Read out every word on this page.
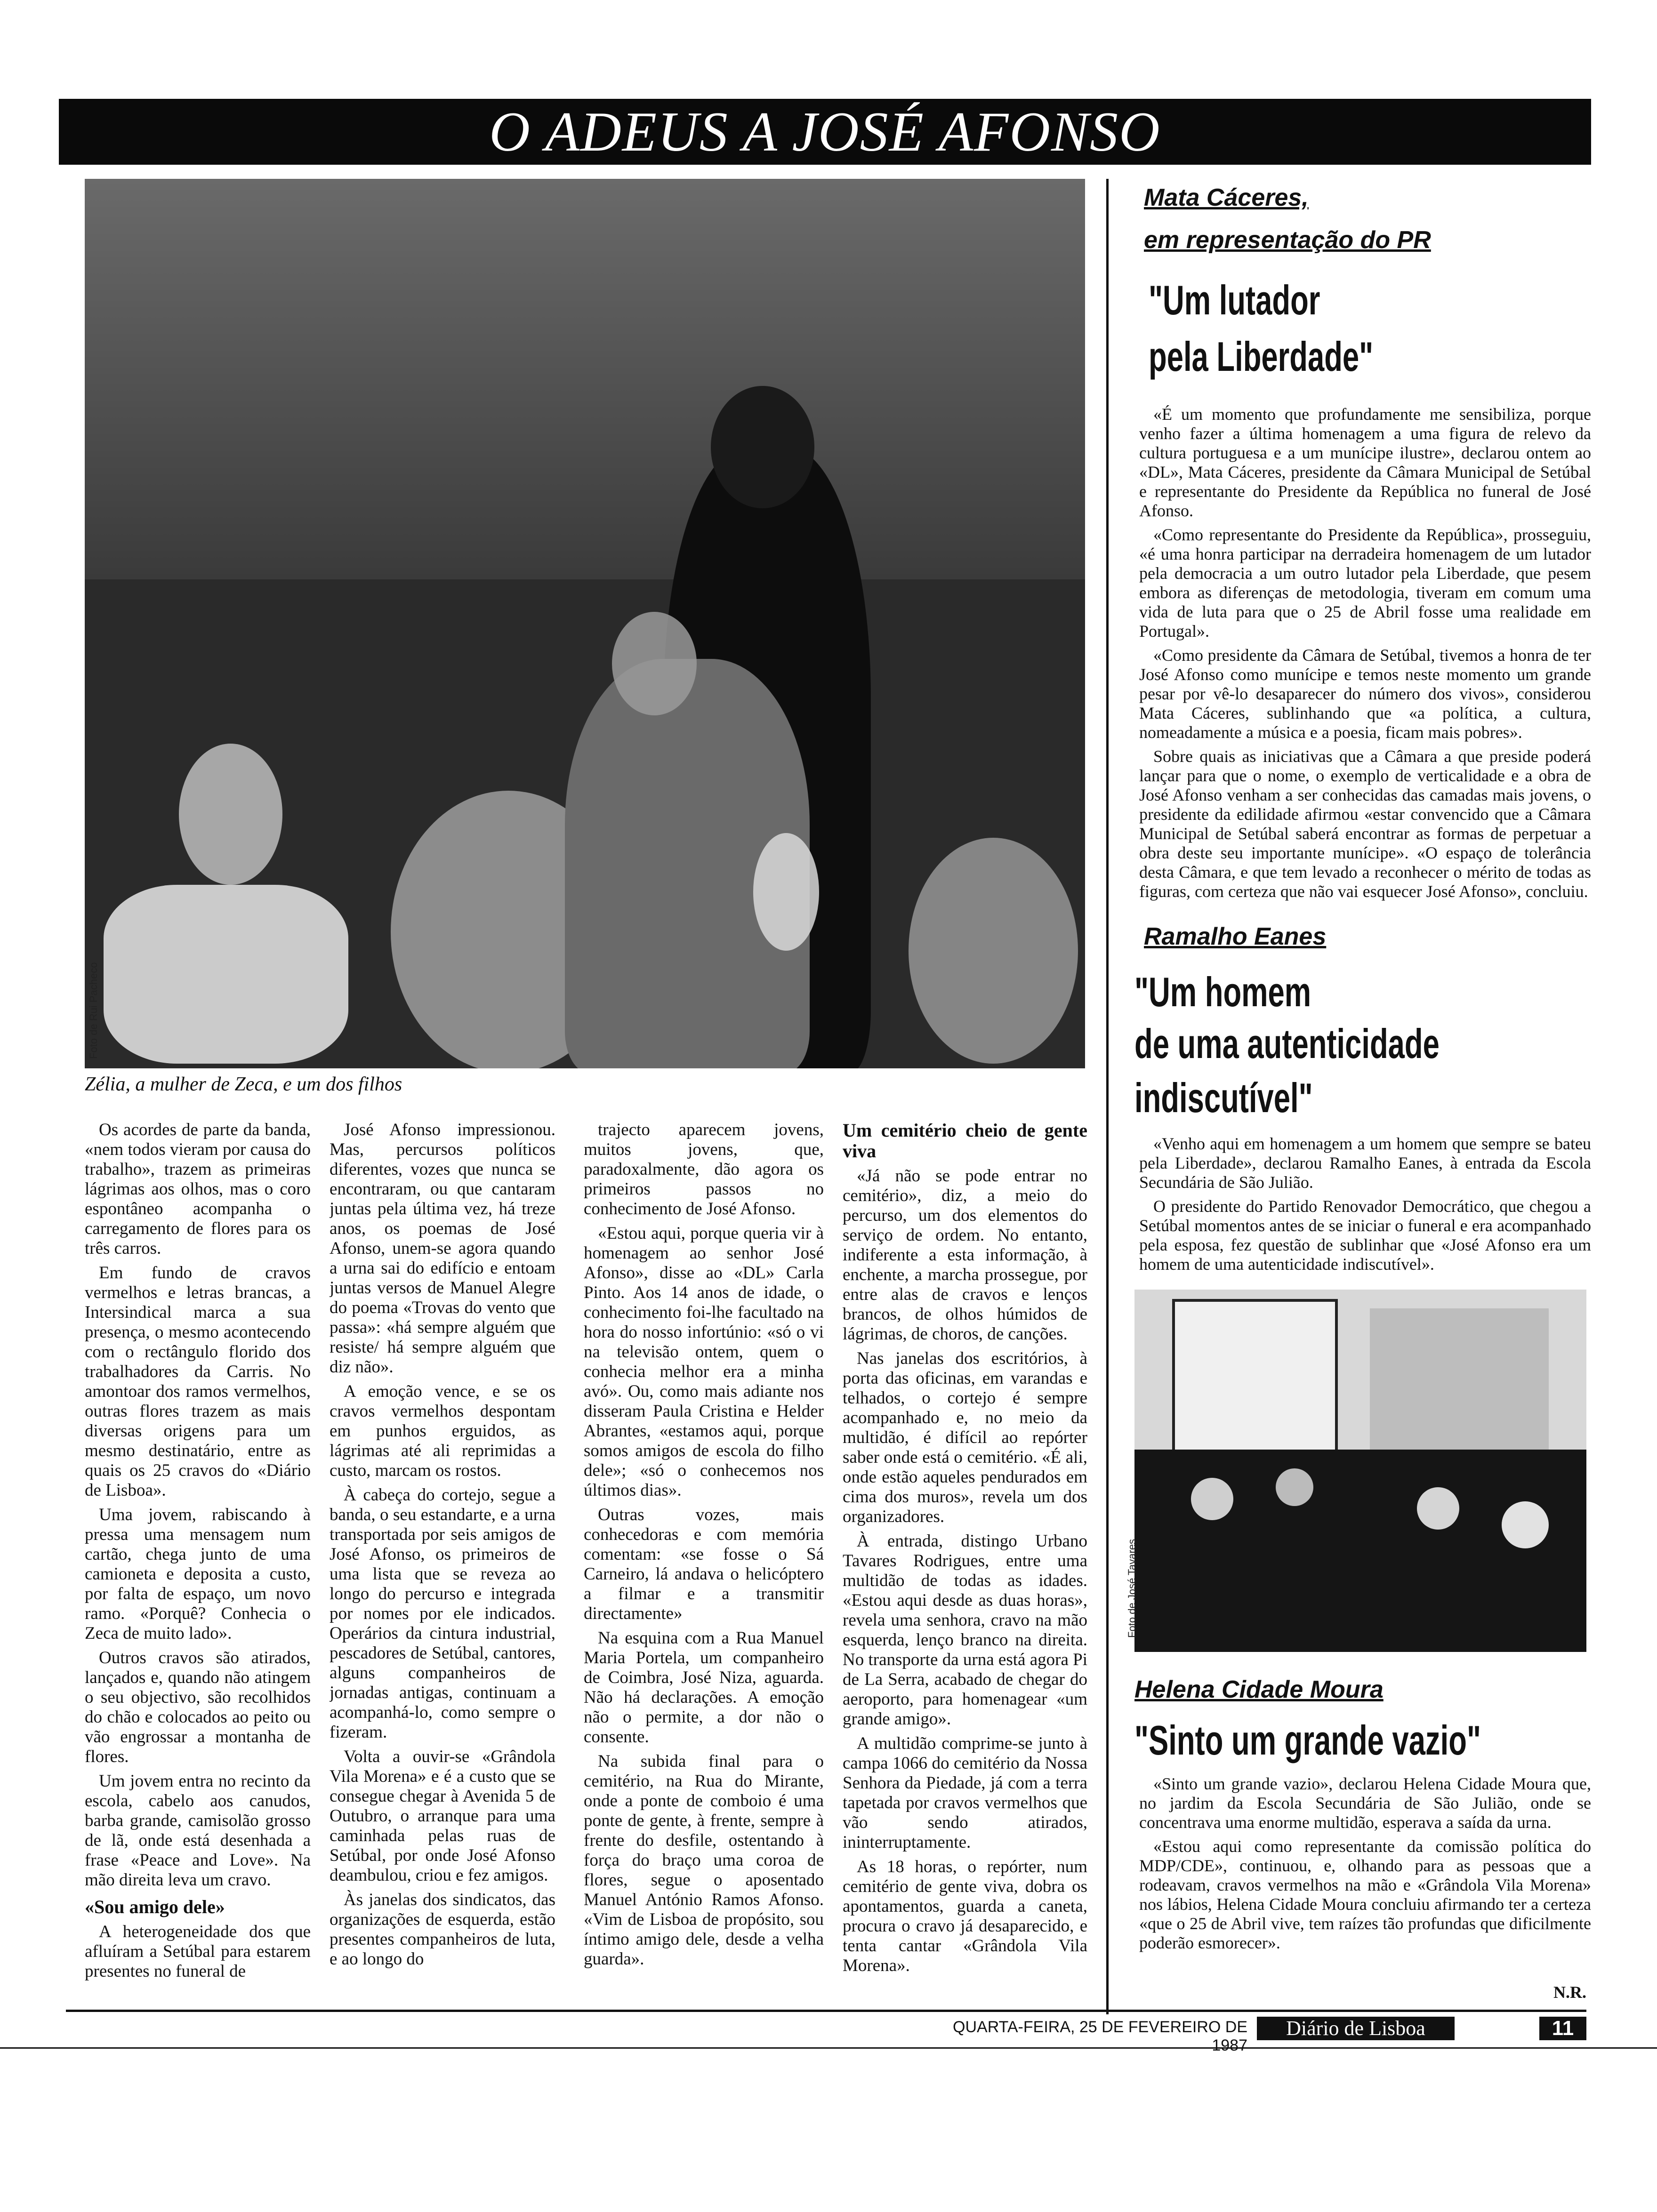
O ADEUS A JOSÉ AFONSO
Foto de Rui Pacheco
Zélia, a mulher de Zeca, e um dos filhos

Os acordes de parte da banda, «nem todos vieram por causa do trabalho», trazem as primeiras lágrimas aos olhos, mas o coro espontâneo acompanha o carregamento de flores para os três carros.

Em fundo de cravos vermelhos e letras brancas, a Intersindical marca a sua presença, o mesmo acontecendo com o rectângulo florido dos trabalhadores da Carris. No amontoar dos ramos vermelhos, outras flores trazem as mais diversas origens para um mesmo destinatário, entre as quais os 25 cravos do «Diário de Lisboa».

Uma jovem, rabiscando à pressa uma mensagem num cartão, chega junto de uma camioneta e deposita a custo, por falta de espaço, um novo ramo. «Porquê? Conhecia o Zeca de muito lado».

Outros cravos são atirados, lançados e, quando não atingem o seu objectivo, são recolhidos do chão e colocados ao peito ou vão engrossar a montanha de flores.

Um jovem entra no recinto da escola, cabelo aos canudos, barba grande, camisolão grosso de lã, onde está desenhada a frase «Peace and Love». Na mão direita leva um cravo.

«Sou amigo dele»

A heterogeneidade dos que afluíram a Setúbal para estarem presentes no funeral de

José Afonso impressionou. Mas, percursos políticos diferentes, vozes que nunca se encontraram, ou que cantaram juntas pela última vez, há treze anos, os poemas de José Afonso, unem-se agora quando a urna sai do edifício e entoam juntas versos de Manuel Alegre do poema «Trovas do vento que passa»: «há sempre alguém que resiste/ há sempre alguém que diz não».

A emoção vence, e se os cravos vermelhos despontam em punhos erguidos, as lágrimas até ali reprimidas a custo, marcam os rostos.

À cabeça do cortejo, segue a banda, o seu estandarte, e a urna transportada por seis amigos de José Afonso, os primeiros de uma lista que se reveza ao longo do percurso e integrada por nomes por ele indicados. Operários da cintura industrial, pescadores de Setúbal, cantores, alguns companheiros de jornadas antigas, continuam a acompanhá-lo, como sempre o fizeram.

Volta a ouvir-se «Grândola Vila Morena» e é a custo que se consegue chegar à Avenida 5 de Outubro, o arranque para uma caminhada pelas ruas de Setúbal, por onde José Afonso deambulou, criou e fez amigos.

Às janelas dos sindicatos, das organizações de esquerda, estão presentes companheiros de luta, e ao longo do

trajecto aparecem jovens, muitos jovens, que, paradoxalmente, dão agora os primeiros passos no conhecimento de José Afonso.

«Estou aqui, porque queria vir à homenagem ao senhor José Afonso», disse ao «DL» Carla Pinto. Aos 14 anos de idade, o conhecimento foi-lhe facultado na hora do nosso infortúnio: «só o vi na televisão ontem, quem o conhecia melhor era a minha avó». Ou, como mais adiante nos disseram Paula Cristina e Helder Abrantes, «estamos aqui, porque somos amigos de escola do filho dele»; «só o conhecemos nos últimos dias».

Outras vozes, mais conhecedoras e com memória comentam: «se fosse o Sá Carneiro, lá andava o helicóptero a filmar e a transmitir directamente»

Na esquina com a Rua Manuel Maria Portela, um companheiro de Coimbra, José Niza, aguarda. Não há declarações. A emoção não o permite, a dor não o consente.

Na subida final para o cemitério, na Rua do Mirante, onde a ponte de comboio é uma ponte de gente, à frente, sempre à frente do desfile, ostentando à força do braço uma coroa de flores, segue o aposentado Manuel António Ramos Afonso. «Vim de Lisboa de propósito, sou íntimo amigo dele, desde a velha guarda».

Um cemitério cheio de gente viva

«Já não se pode entrar no cemitério», diz, a meio do percurso, um dos elementos do serviço de ordem. No entanto, indiferente a esta informação, à enchente, a marcha prossegue, por entre alas de cravos e lenços brancos, de olhos húmidos de lágrimas, de choros, de canções.

Nas janelas dos escritórios, à porta das oficinas, em varandas e telhados, o cortejo é sempre acompanhado e, no meio da multidão, é difícil ao repórter saber onde está o cemitério. «É ali, onde estão aqueles pendurados em cima dos muros», revela um dos organizadores.

À entrada, distingo Urbano Tavares Rodrigues, entre uma multidão de todas as idades. «Estou aqui desde as duas horas», revela uma senhora, cravo na mão esquerda, lenço branco na direita. No transporte da urna está agora Pi de La Serra, acabado de chegar do aeroporto, para homenagear «um grande amigo».

A multidão comprime-se junto à campa 1066 do cemitério da Nossa Senhora da Piedade, já com a terra tapetada por cravos vermelhos que vão sendo atirados, ininterruptamente.

As 18 horas, o repórter, num cemitério de gente viva, dobra os apontamentos, guarda a caneta, procura o cravo já desaparecido, e tenta cantar «Grândola Vila Morena».

Mata Cáceres,
em representação do PR
"Um lutador
pela Liberdade"

«É um momento que profundamente me sensibiliza, porque venho fazer a última homenagem a uma figura de relevo da cultura portuguesa e a um munícipe ilustre», declarou ontem ao «DL», Mata Cáceres, presidente da Câmara Municipal de Setúbal e representante do Presidente da República no funeral de José Afonso.

«Como representante do Presidente da República», prosseguiu, «é uma honra participar na derradeira homenagem de um lutador pela democracia a um outro lutador pela Liberdade, que pesem embora as diferenças de metodologia, tiveram em comum uma vida de luta para que o 25 de Abril fosse uma realidade em Portugal».

«Como presidente da Câmara de Setúbal, tivemos a honra de ter José Afonso como munícipe e temos neste momento um grande pesar por vê-lo desaparecer do número dos vivos», considerou Mata Cáceres, sublinhando que «a política, a cultura, nomeadamente a música e a poesia, ficam mais pobres».

Sobre quais as iniciativas que a Câmara a que preside poderá lançar para que o nome, o exemplo de verticalidade e a obra de José Afonso venham a ser conhecidas das camadas mais jovens, o presidente da edilidade afirmou «estar convencido que a Câmara Municipal de Setúbal saberá encontrar as formas de perpetuar a obra deste seu importante munícipe». «O espaço de tolerância desta Câmara, e que tem levado a reconhecer o mérito de todas as figuras, com certeza que não vai esquecer José Afonso», concluiu.

Ramalho Eanes
"Um homem
de uma autenticidade
indiscutível"

«Venho aqui em homenagem a um homem que sempre se bateu pela Liberdade», declarou Ramalho Eanes, à entrada da Escola Secundária de São Julião.

O presidente do Partido Renovador Democrático, que chegou a Setúbal momentos antes de se iniciar o funeral e era acompanhado pela esposa, fez questão de sublinhar que «José Afonso era um homem de uma autenticidade indiscutível».

Foto de José Tavares
Helena Cidade Moura
"Sinto um grande vazio"

«Sinto um grande vazio», declarou Helena Cidade Moura que, no jardim da Escola Secundária de São Julião, onde se concentrava uma enorme multidão, esperava a saída da urna.

«Estou aqui como representante da comissão política do MDP/CDE», continuou, e, olhando para as pessoas que a rodeavam, cravos vermelhos na mão e «Grândola Vila Morena» nos lábios, Helena Cidade Moura concluiu afirmando ter a certeza «que o 25 de Abril vive, tem raízes tão profundas que dificilmente poderão esmorecer».

N.R.
QUARTA-FEIRA, 25 DE FEVEREIRO DE 1987
Diário de Lisboa	11
